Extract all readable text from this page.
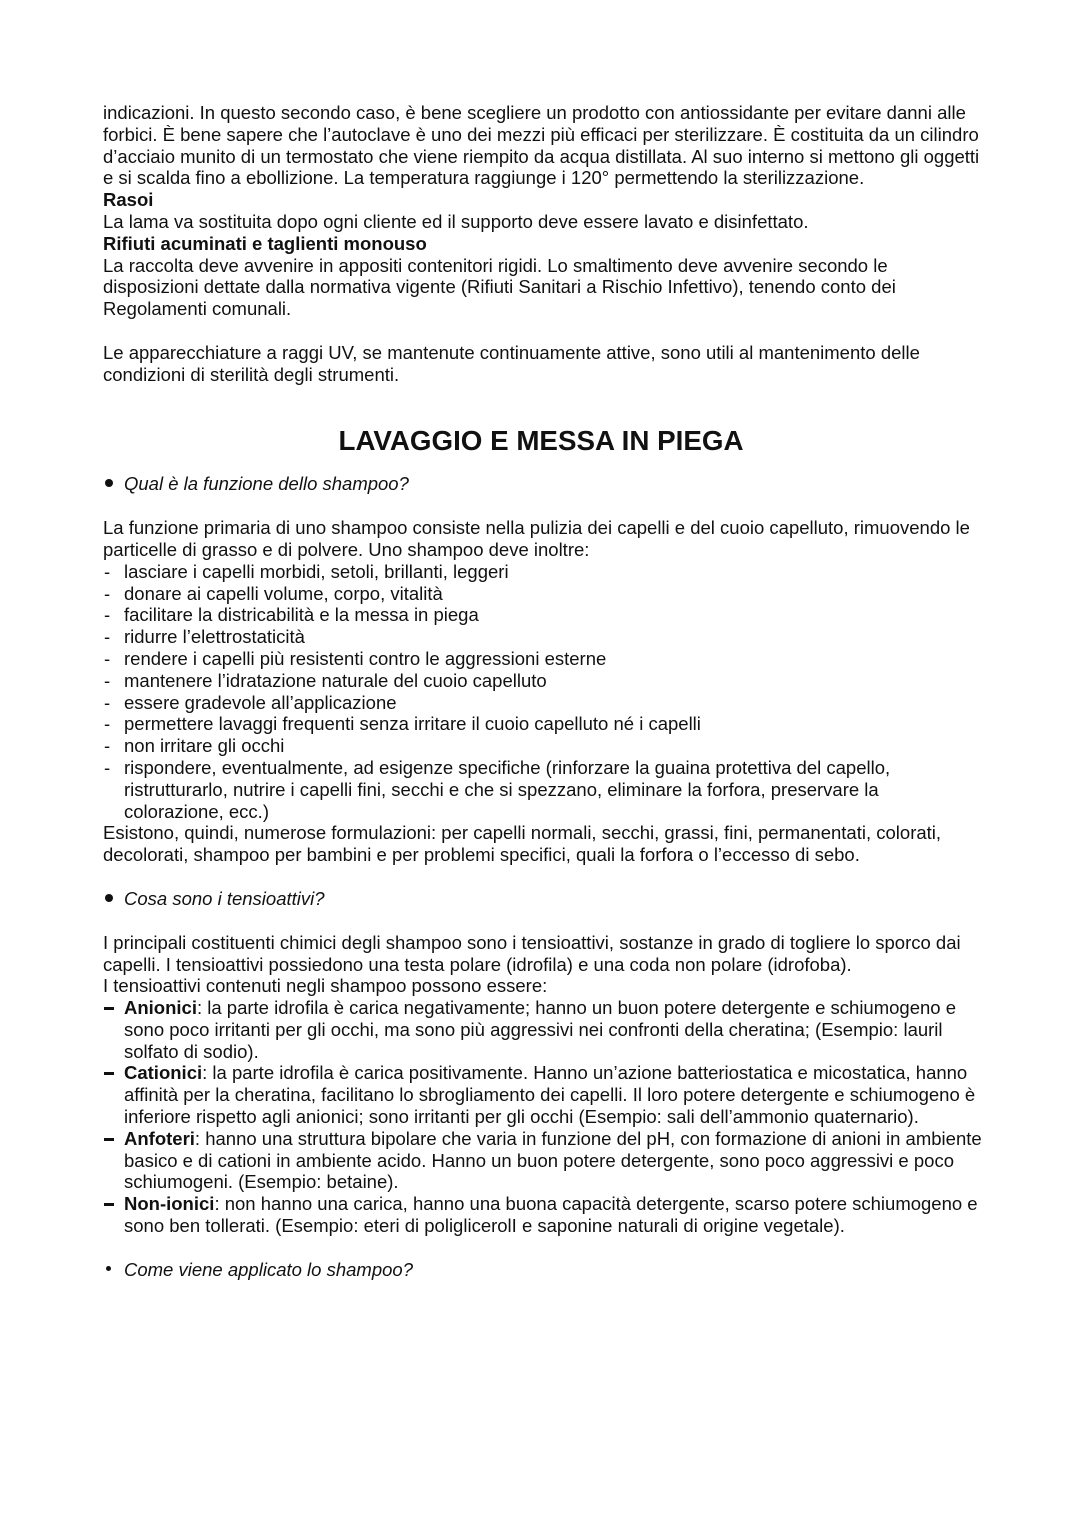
indicazioni. In questo secondo caso, è bene scegliere un prodotto con antiossidante per evitare danni alle forbici. È bene sapere che l’autoclave è uno dei mezzi più efficaci per sterilizzare. È costituita da un cilindro d’acciaio munito di un termostato che viene riempito da acqua distillata. Al suo interno si mettono gli oggetti e si scalda fino a ebollizione. La temperatura raggiunge i 120° permettendo la sterilizzazione.

Rasoi

La lama va sostituita dopo ogni cliente ed il supporto deve essere lavato e disinfettato.

Rifiuti acuminati e taglienti monouso

La raccolta deve avvenire in appositi contenitori rigidi. Lo smaltimento deve avvenire secondo le disposizioni dettate dalla normativa vigente (Rifiuti Sanitari a Rischio Infettivo), tenendo conto dei Regolamenti comunali.

Le apparecchiature a raggi UV, se mantenute continuamente attive, sono utili al mantenimento delle condizioni di sterilità degli strumenti.

LAVAGGIO E MESSA IN PIEGA
Qual è la funzione dello shampoo?

La funzione primaria di uno shampoo consiste nella pulizia dei capelli e del cuoio capelluto, rimuovendo le particelle di grasso e di polvere. Uno shampoo deve inoltre:

- lasciare i capelli morbidi, setoli, brillanti, leggeri
- donare ai capelli volume, corpo, vitalità
- facilitare la districabilità e la messa in piega
- ridurre l’elettrostaticità
- rendere i capelli più resistenti contro le aggressioni esterne
- mantenere l’idratazione naturale del cuoio capelluto
- essere gradevole all’applicazione
- permettere lavaggi frequenti senza irritare il cuoio capelluto né i capelli
- non irritare gli occhi
- rispondere, eventualmente, ad esigenze specifiche (rinforzare la guaina protettiva del capello, ristrutturarlo, nutrire i capelli fini, secchi e che si spezzano, eliminare la forfora, preservare la colorazione, ecc.)

Esistono, quindi, numerose formulazioni: per capelli normali, secchi, grassi, fini, permanentati, colorati, decolorati, shampoo per bambini e per problemi specifici, quali la forfora o l’eccesso di sebo.

Cosa sono i tensioattivi?

I principali costituenti chimici degli shampoo sono i tensioattivi, sostanze in grado di togliere lo sporco dai capelli. I tensioattivi possiedono una testa polare (idrofila) e una coda non polare (idrofoba).

I tensioattivi contenuti negli shampoo possono essere:

Anionici: la parte idrofila è carica negativamente; hanno un buon potere detergente e schiumogeno e sono poco irritanti per gli occhi, ma sono più aggressivi nei confronti della cheratina; (Esempio: lauril solfato di sodio).
Cationici: la parte idrofila è carica positivamente. Hanno un’azione batteriostatica e micostatica, hanno affinità per la cheratina, facilitano lo sbrogliamento dei capelli. Il loro potere detergente e schiumogeno è inferiore rispetto agli anionici; sono irritanti per gli occhi (Esempio: sali dell’ammonio quaternario).
Anfoteri: hanno una struttura bipolare che varia in funzione del pH, con formazione di anioni in ambiente basico e di cationi in ambiente acido. Hanno un buon potere detergente, sono poco aggressivi e poco schiumogeni. (Esempio: betaine).
Non-ionici: non hanno una carica, hanno una buona capacità detergente, scarso potere schiumogeno e sono ben tollerati. (Esempio: eteri di poliglicerolI e saponine naturali di origine vegetale).
Come viene applicato lo shampoo?
